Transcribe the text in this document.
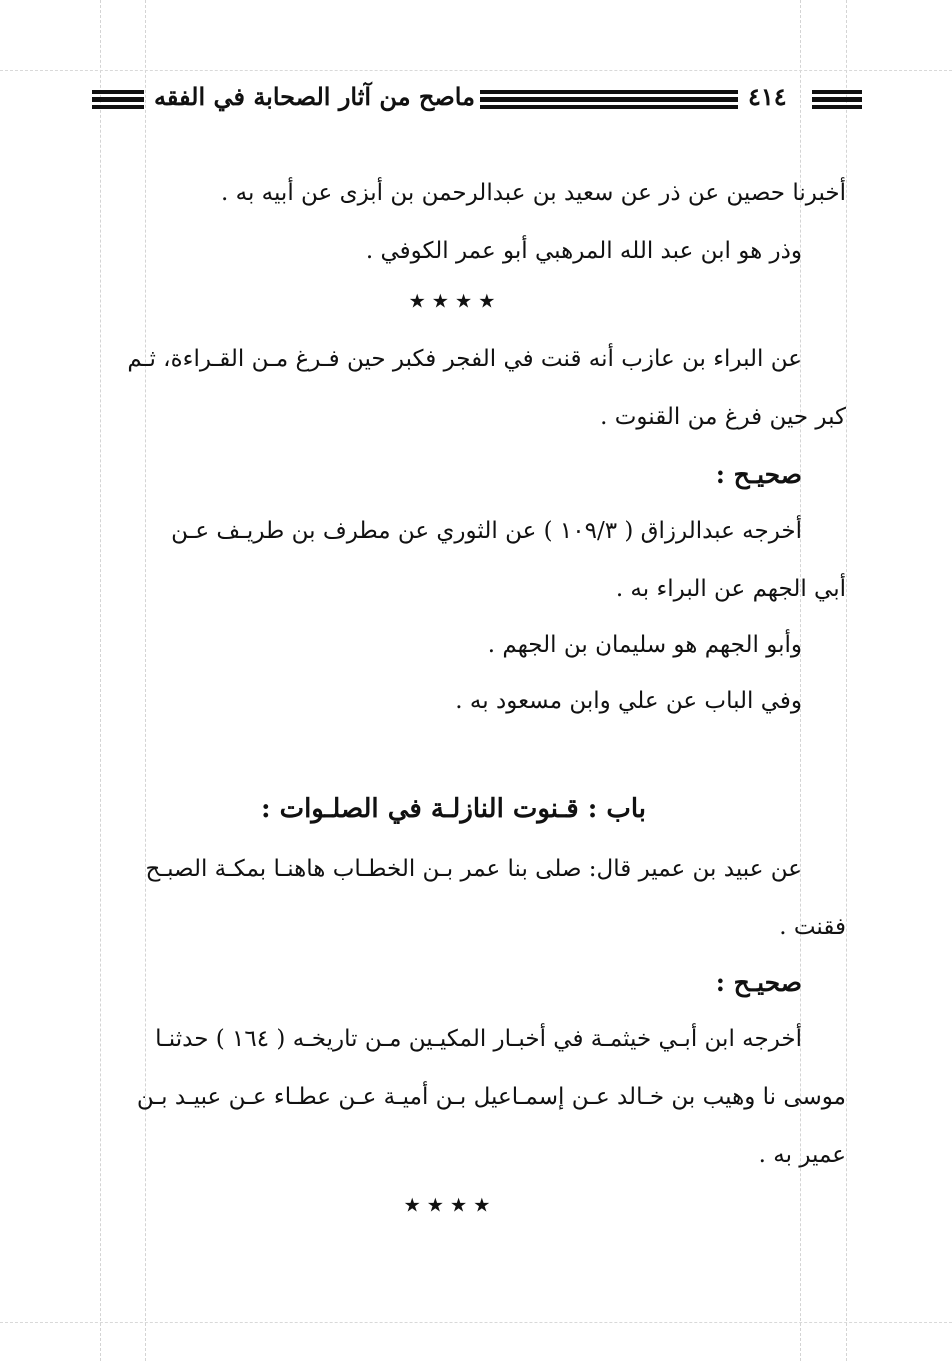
ماصح من آثار الصحابة في الفقه	٤١٤
أخبرنا حصين عن ذر عن سعيد بن عبدالرحمن بن أبزى عن أبيه به .
وذر هو ابن عبد الله المرهبي أبو عمر الكوفي .
٭ ٭ ٭ ٭
عن البراء بن عازب أنه قنت في الفجر فكبر حين فـرغ مـن القـراءة، ثـم
كبر حين فرغ من القنوت .
صحيـح :
أخرجه عبدالرزاق ( ١٠٩/٣ ) عن الثوري عن مطرف بن طريـف عـن
أبي الجهم عن البراء به .
وأبو الجهم هو سليمان بن الجهم .
وفي الباب عن علي وابن مسعود به .
باب : قـنوت النازلـة في الصلـوات :
عن عبيد بن عمير قال: صلى بنا عمر بـن الخطـاب هاهنـا بمكـة الصبـح
فقنت .
صحيـح :
أخرجه ابن أبـي خيثمـة في أخبـار المكيـين مـن تاريخـه ( ١٦٤ ) حدثنـا
موسى نا وهيب بن خـالد عـن إسمـاعيل بـن أميـة عـن عطـاء عـن عبيـد بـن
عمير به .
٭ ٭ ٭ ٭
